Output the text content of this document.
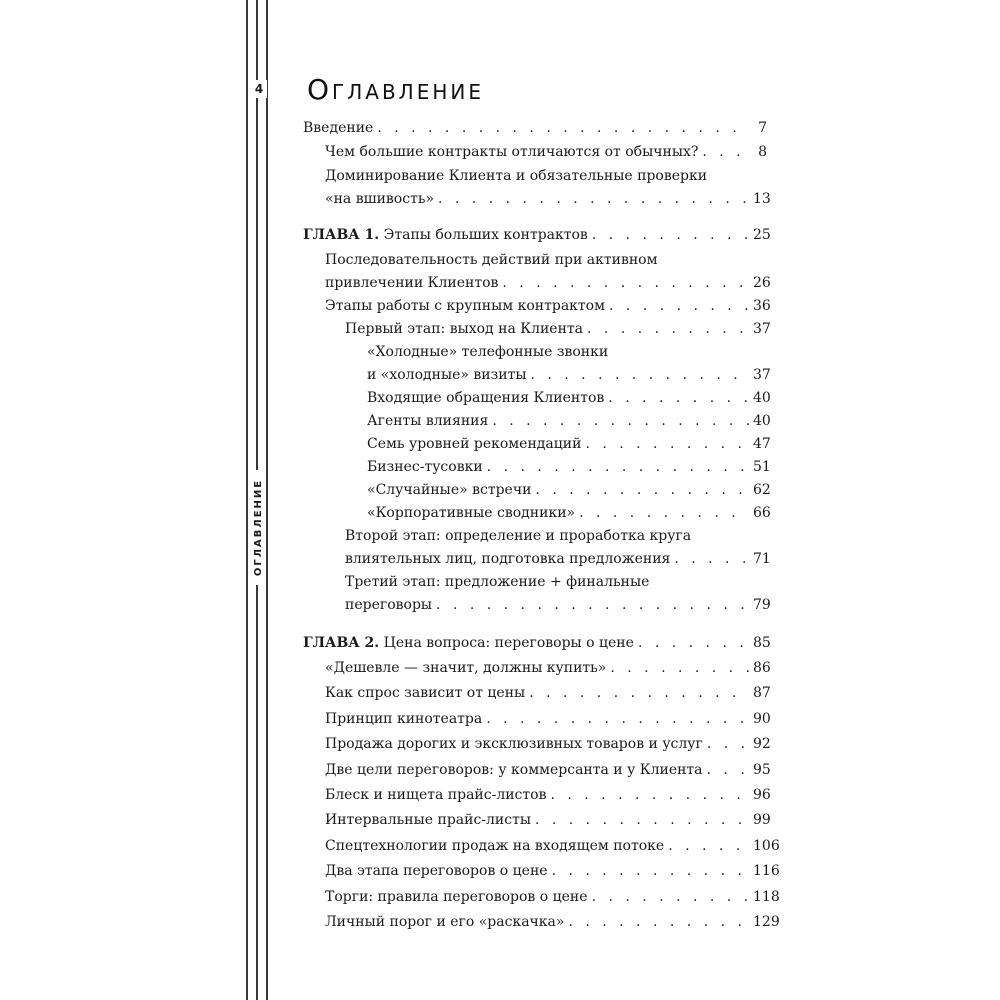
4
ОГЛАВЛЕНИЕ
Оглавление
Введение . . .	7
Чем большие контракты отличаются от обычных? . . .	8
Доминирование Клиента и обязательные проверки
«на вшивость» . . .	13
ГЛАВА 1. Этапы больших контрактов . . .	25
Последовательность действий при активном
привлечении Клиентов . . .	26
Этапы работы с крупным контрактом . . .	36
Первый этап: выход на Клиента . . .	37
«Холодные» телефонные звонки
и «холодные» визиты . . .	37
Входящие обращения Клиентов . . .	40
Агенты влияния . . .	40
Семь уровней рекомендаций . . .	47
Бизнес-тусовки . . .	51
«Случайные» встречи . . .	62
«Корпоративные сводники» . . .	66
Второй этап: определение и проработка круга
влиятельных лиц, подготовка предложения . . .	71
Третий этап: предложение + финальные
переговоры . . .	79
ГЛАВА 2. Цена вопроса: переговоры о цене . . .	85
«Дешевле — значит, должны купить» . . .	86
Как спрос зависит от цены . . .	87
Принцип кинотеатра . . .	90
Продажа дорогих и эксклюзивных товаров и услуг . . .	92
Две цели переговоров: у коммерсанта и у Клиента . . .	95
Блеск и нищета прайс-листов . . .	96
Интервальные прайс-листы . . .	99
Спецтехнологии продаж на входящем потоке . . .	106
Два этапа переговоров о цене . . .	116
Торги: правила переговоров о цене . . .	118
Личный порог и его «раскачка» . . .	129
